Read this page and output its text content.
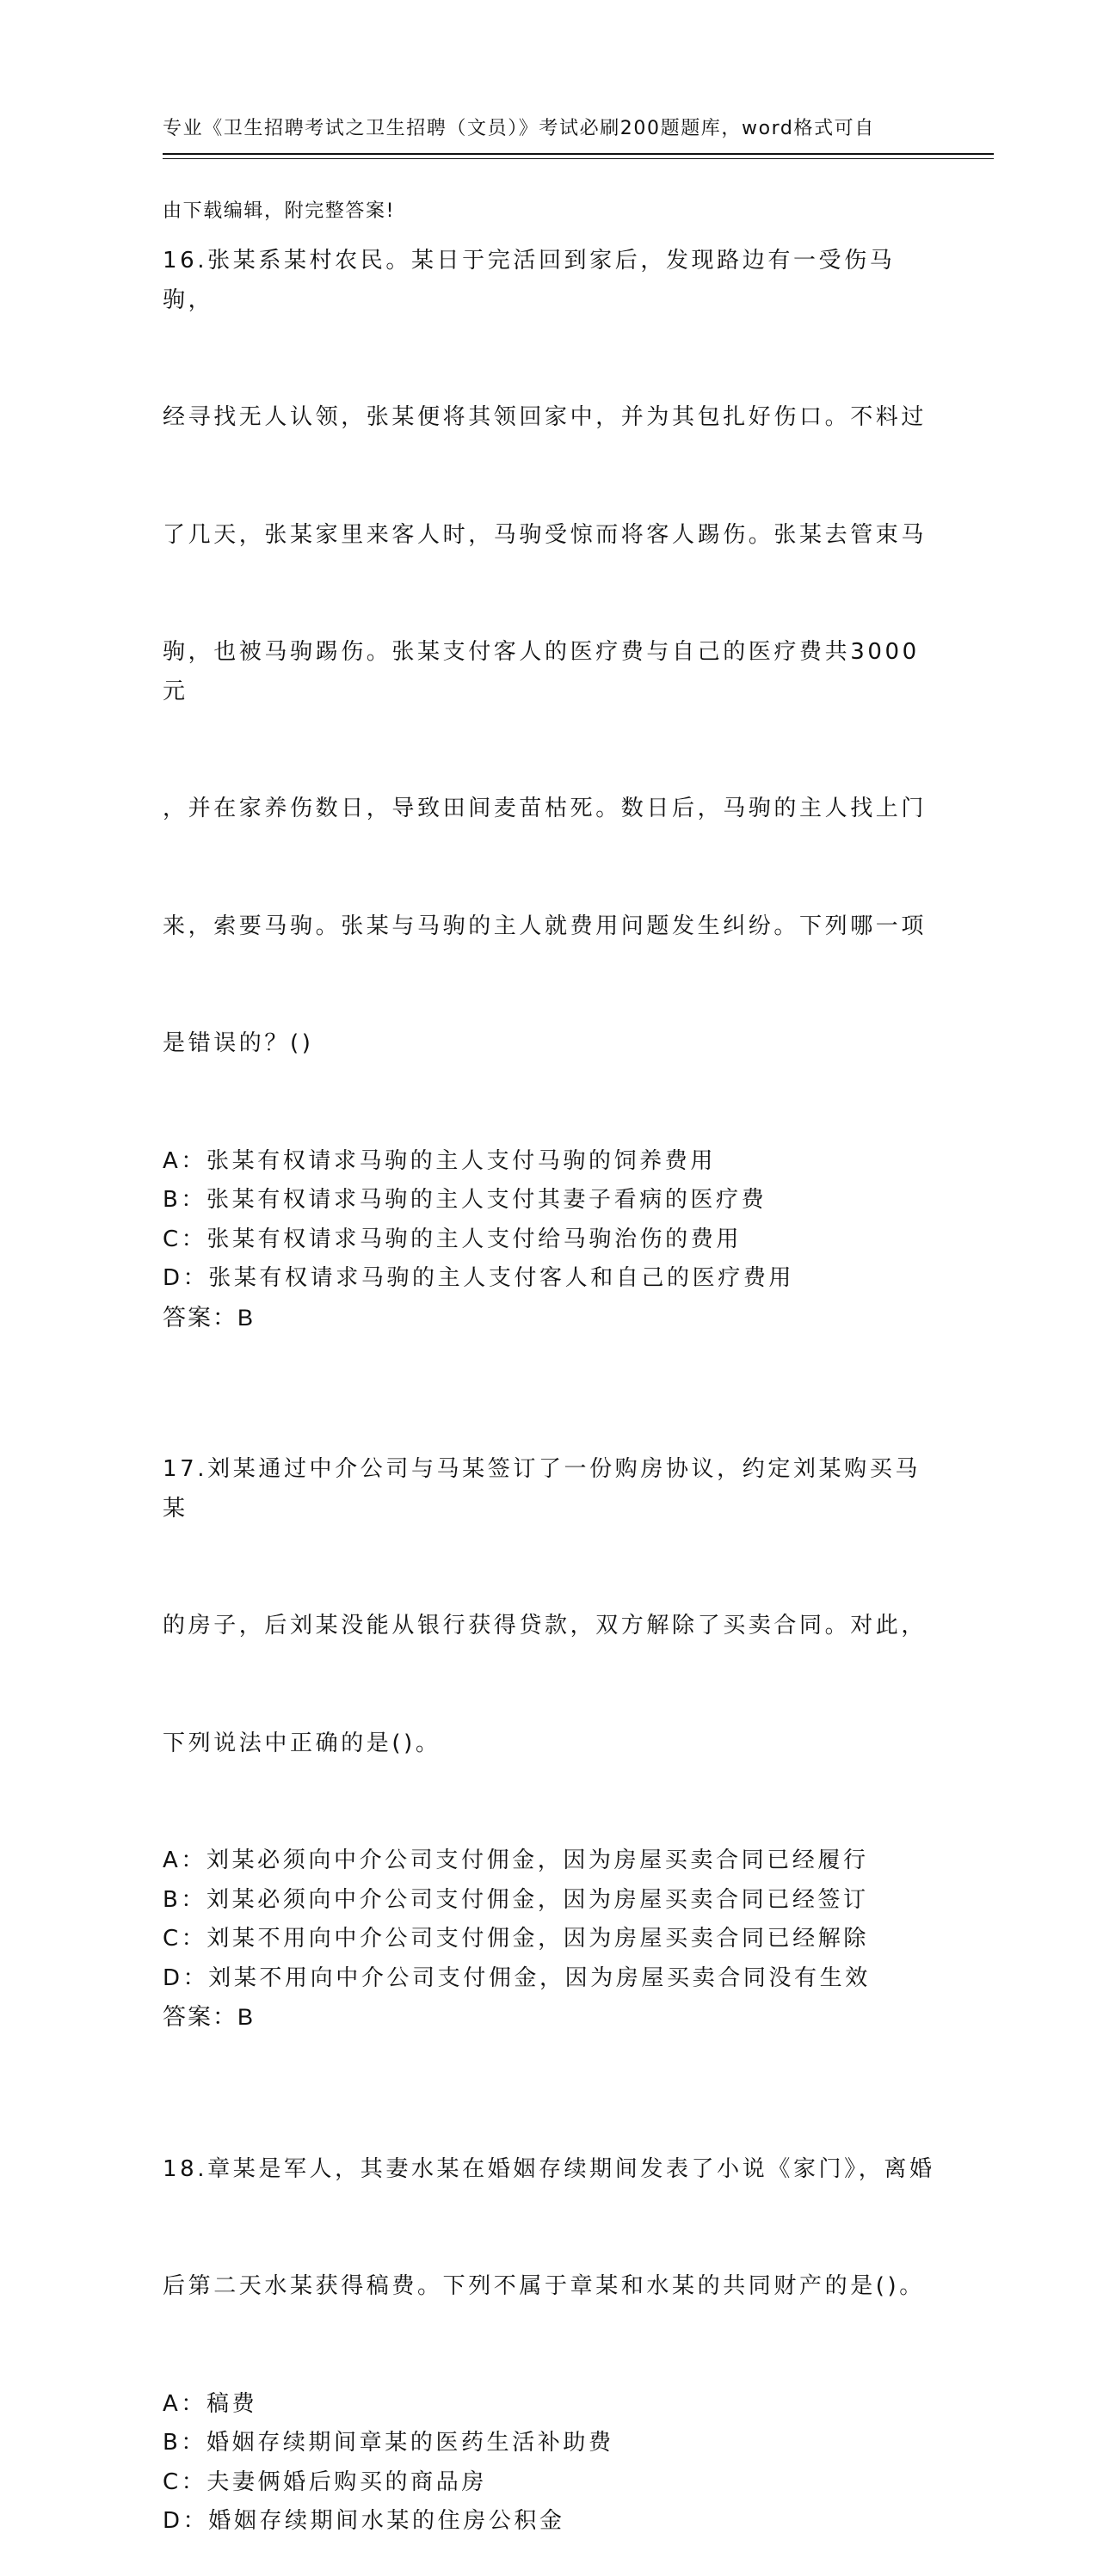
专业《卫生招聘考试之卫生招聘（文员）》考试必刷200题题库，word格式可自

由下载编辑，附完整答案!

16.张某系某村农民。某日于完活回到家后，发现路边有一受伤马驹，

经寻找无人认领，张某便将其领回家中，并为其包扎好伤口。不料过

了几天，张某家里来客人时，马驹受惊而将客人踢伤。张某去管束马

驹，也被马驹踢伤。张某支付客人的医疗费与自己的医疗费共3000元

，并在家养伤数日，导致田间麦苗枯死。数日后，马驹的主人找上门

来，索要马驹。张某与马驹的主人就费用问题发生纠纷。下列哪一项

是错误的？()

A：张某有权请求马驹的主人支付马驹的饲养费用
B：张某有权请求马驹的主人支付其妻子看病的医疗费
C：张某有权请求马驹的主人支付给马驹治伤的费用
D：张某有权请求马驹的主人支付客人和自己的医疗费用
答案：B

17.刘某通过中介公司与马某签订了一份购房协议，约定刘某购买马某

的房子，后刘某没能从银行获得贷款，双方解除了买卖合同。对此，

下列说法中正确的是()。

A：刘某必须向中介公司支付佣金，因为房屋买卖合同已经履行
B：刘某必须向中介公司支付佣金，因为房屋买卖合同已经签订
C：刘某不用向中介公司支付佣金，因为房屋买卖合同已经解除
D：刘某不用向中介公司支付佣金，因为房屋买卖合同没有生效
答案：B

18.章某是军人，其妻水某在婚姻存续期间发表了小说《家门》，离婚

后第二天水某获得稿费。下列不属于章某和水某的共同财产的是()。

A：稿费
B：婚姻存续期间章某的医药生活补助费
C：夫妻俩婚后购买的商品房
D：婚姻存续期间水某的住房公积金
